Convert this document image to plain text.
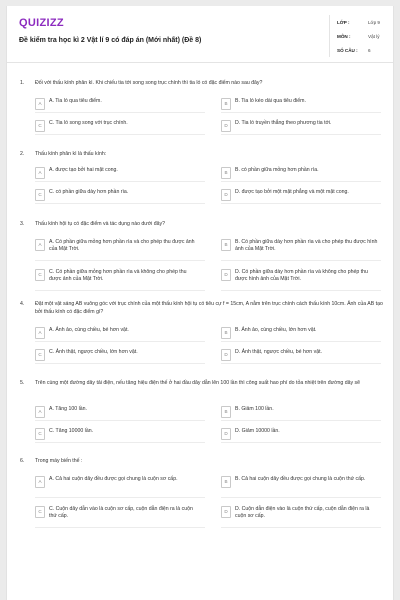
QUIZIZZ
Đề kiểm tra học kì 2 Vật lí 9 có đáp án (Mới nhất) (Đề 8)
LỚP :	Lớp 9
MÔN :	Vật lý
SỐ CÂU : 6
1. Đối với thấu kính phân kì. Khi chiếu tia tới song song trục chính thì tia ló có đặc điểm nào sau đây?
A	A. Tia ló qua tiêu điểm.	B	B. Tia ló kéo dài qua tiêu điểm.
C	C. Tia ló song song với trục chính.	D	D. Tia ló truyền thẳng theo phương tia tới.
2. Thấu kính phân kì là thấu kính:
A	A. được tạo bởi hai mặt cong.	B	B. có phần giữa mỏng hơn phần rìa.
C	C. có phần giữa dày hơn phần rìa.	D	D. được tạo bởi một mặt phẳng và một mặt cong.
3. Thấu kính hội tụ có đặc điểm và tác dụng nào dưới đây?
A	A. Có phần giữa mỏng hơn phần rìa và cho phép thu được ảnh của Mặt Trời.
B	B. Có phần giữa dày hơn phần rìa và cho phép thu được hình ảnh của Mặt Trời.
C	C. Có phần giữa mỏng hơn phần rìa và không cho phép thu được ảnh của Mặt Trời.
D	D. Có phần giữa dày hơn phần rìa và không cho phép thu được hình ảnh của Mặt Trời.
4. Đặt một vật sáng AB vuông góc với trục chính của một thấu kính hội tụ có tiêu cự f = 15cm, A nằm trên trục chính cách thấu kính 10cm. Ảnh của AB tạo bởi thấu kính có đặc điểm gì?
A	A. Ảnh ảo, cùng chiều, bé hơn vật.	B	B. Ảnh ảo, cùng chiều, lớn hơn vật.
C	C. Ảnh thật, ngược chiều, lớn hơn vật.	D	D. Ảnh thật, ngược chiều, bé hơn vật.
5. Trên cùng một đường dây tải điện, nếu tăng hiệu điện thế ở hai đầu dây dẫn lên 100 lần thì công suất hao phí do tỏa nhiệt trên đường dây sẽ
A	A. Tăng 100 lần.	B	B. Giảm 100 lần.
C	C. Tăng 10000 lần.	D	D. Giảm 10000 lần.
6. Trong máy biến thế :
A	A. Cả hai cuộn dây đều được gọi chung là cuộn sơ cấp.	B	B. Cả hai cuộn dây đều được gọi chung là cuộn thứ cấp.
C	C. Cuộn dây dẫn vào là cuộn sơ cấp, cuộn dẫn điện ra là cuộn thứ cấp.
D	D. Cuộn dẫn điện vào là cuộn thứ cấp, cuộn dẫn điện ra là cuộn sơ cấp.
